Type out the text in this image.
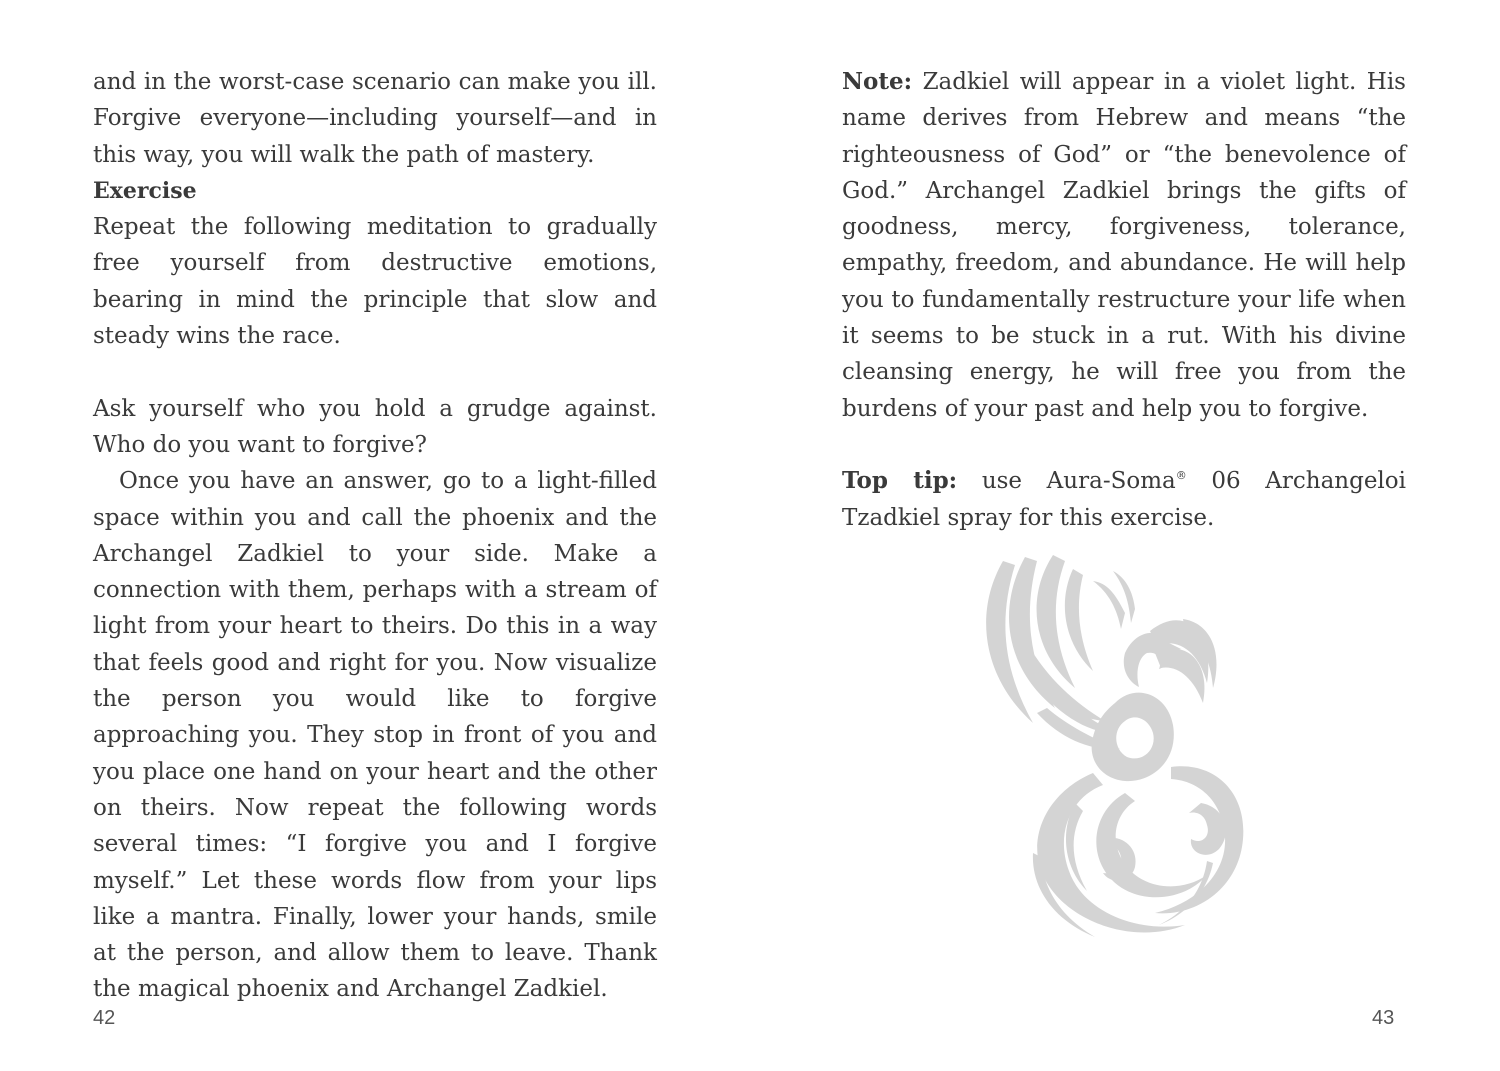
and in the worst-case scenario can make you ill. Forgive everyone—including yourself—and in this way, you will walk the path of mastery.

Exercise

Repeat the following meditation to gradually free yourself from destructive emotions, bearing in mind the principle that slow and steady wins the race.

Ask yourself who you hold a grudge against. Who do you want to forgive?

Once you have an answer, go to a light-filled space within you and call the phoenix and the Archangel Zadkiel to your side. Make a connection with them, perhaps with a stream of light from your heart to theirs. Do this in a way that feels good and right for you. Now visualize the person you would like to forgive approaching you. They stop in front of you and you place one hand on your heart and the other on theirs. Now repeat the following words several times: “I forgive you and I forgive myself.” Let these words flow from your lips like a mantra. Finally, lower your hands, smile at the person, and allow them to leave. Thank the magical phoenix and Archangel Zadkiel.

42

Note: Zadkiel will appear in a violet light. His name derives from Hebrew and means “the righteousness of God” or “the benevolence of God.” Archangel Zadkiel brings the gifts of goodness, mercy, forgiveness, tolerance, empathy, freedom, and abundance. He will help you to fundamentally restructure your life when it seems to be stuck in a rut. With his divine cleansing energy, he will free you from the burdens of your past and help you to forgive.

Top tip: use Aura-Soma® 06 Archangeloi Tzadkiel spray for this exercise.

43
